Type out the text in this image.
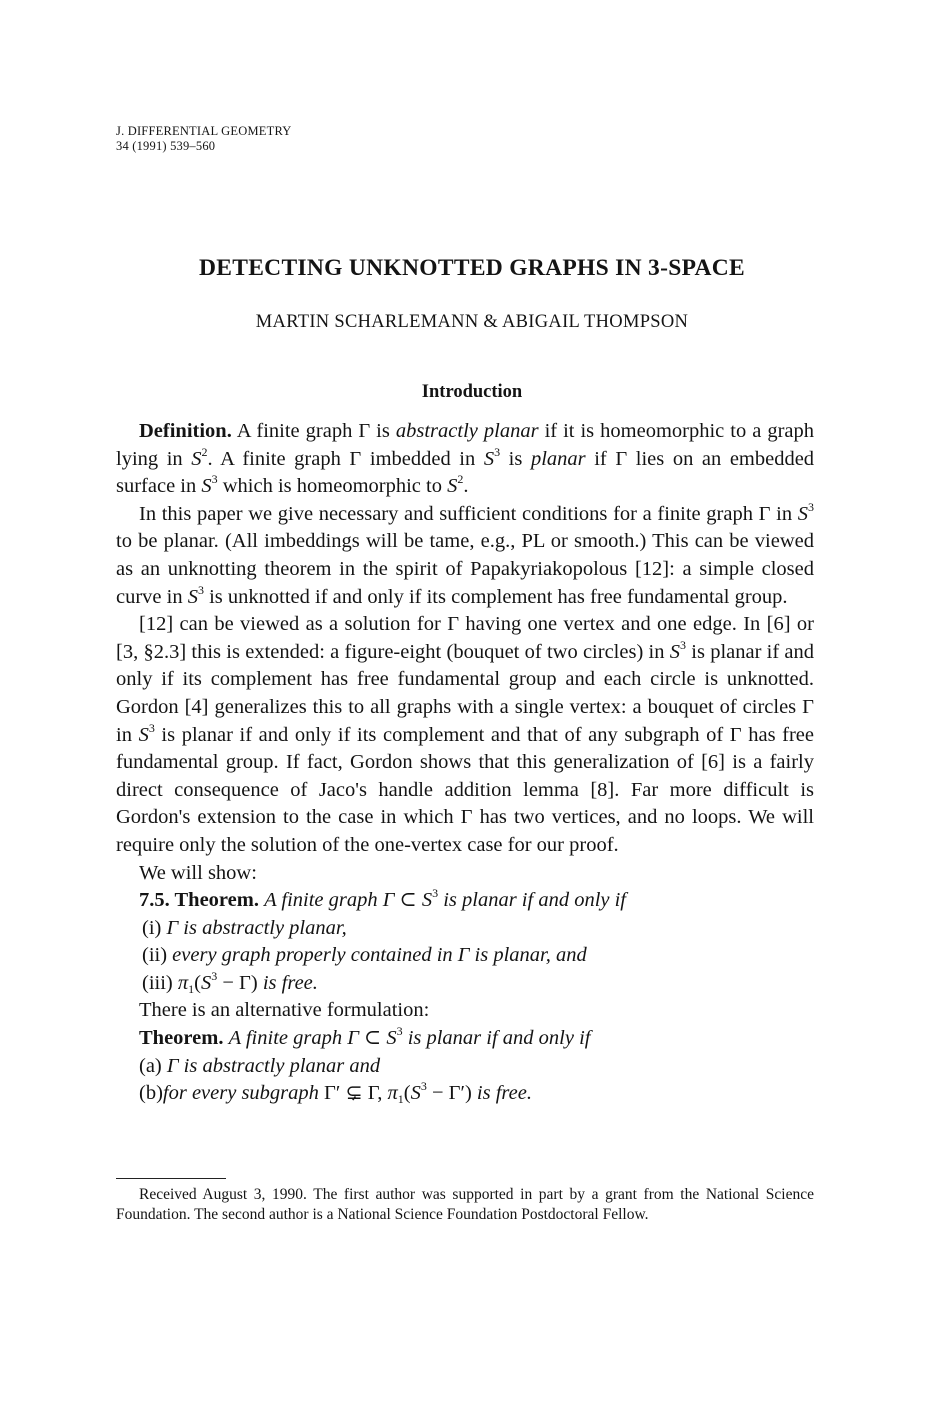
J. DIFFERENTIAL GEOMETRY
34 (1991) 539–560
DETECTING UNKNOTTED GRAPHS IN 3-SPACE
MARTIN SCHARLEMANN & ABIGAIL THOMPSON
Introduction
Definition. A finite graph Γ is abstractly planar if it is homeomorphic to a graph lying in $S^2$. A finite graph Γ imbedded in $S^3$ is planar if Γ lies on an embedded surface in $S^3$ which is homeomorphic to $S^2$.
In this paper we give necessary and sufficient conditions for a finite graph Γ in $S^3$ to be planar. (All imbeddings will be tame, e.g., PL or smooth.) This can be viewed as an unknotting theorem in the spirit of Papakyriakopolous [12]: a simple closed curve in $S^3$ is unknotted if and only if its complement has free fundamental group.
[12] can be viewed as a solution for Γ having one vertex and one edge. In [6] or [3, §2.3] this is extended: a figure-eight (bouquet of two circles) in $S^3$ is planar if and only if its complement has free fundamental group and each circle is unknotted. Gordon [4] generalizes this to all graphs with a single vertex: a bouquet of circles Γ in $S^3$ is planar if and only if its complement and that of any subgraph of Γ has free fundamental group. If fact, Gordon shows that this generalization of [6] is a fairly direct consequence of Jaco's handle addition lemma [8]. Far more difficult is Gordon's extension to the case in which Γ has two vertices, and no loops. We will require only the solution of the one-vertex case for our proof.
We will show:
7.5. Theorem. A finite graph Γ ⊂ $S^3$ is planar if and only if
(i) Γ is abstractly planar,
(ii) every graph properly contained in Γ is planar, and
(iii) $\pi_1(S^3 - \Gamma)$ is free.
There is an alternative formulation:
Theorem. A finite graph Γ ⊂ $S^3$ is planar if and only if
(a) Γ is abstractly planar and
(b)for every subgraph Γ′ ⊊ Γ, $\pi_1(S^3 - \Gamma')$ is free.
Received August 3, 1990. The first author was supported in part by a grant from the National Science Foundation. The second author is a National Science Foundation Postdoctoral Fellow.
